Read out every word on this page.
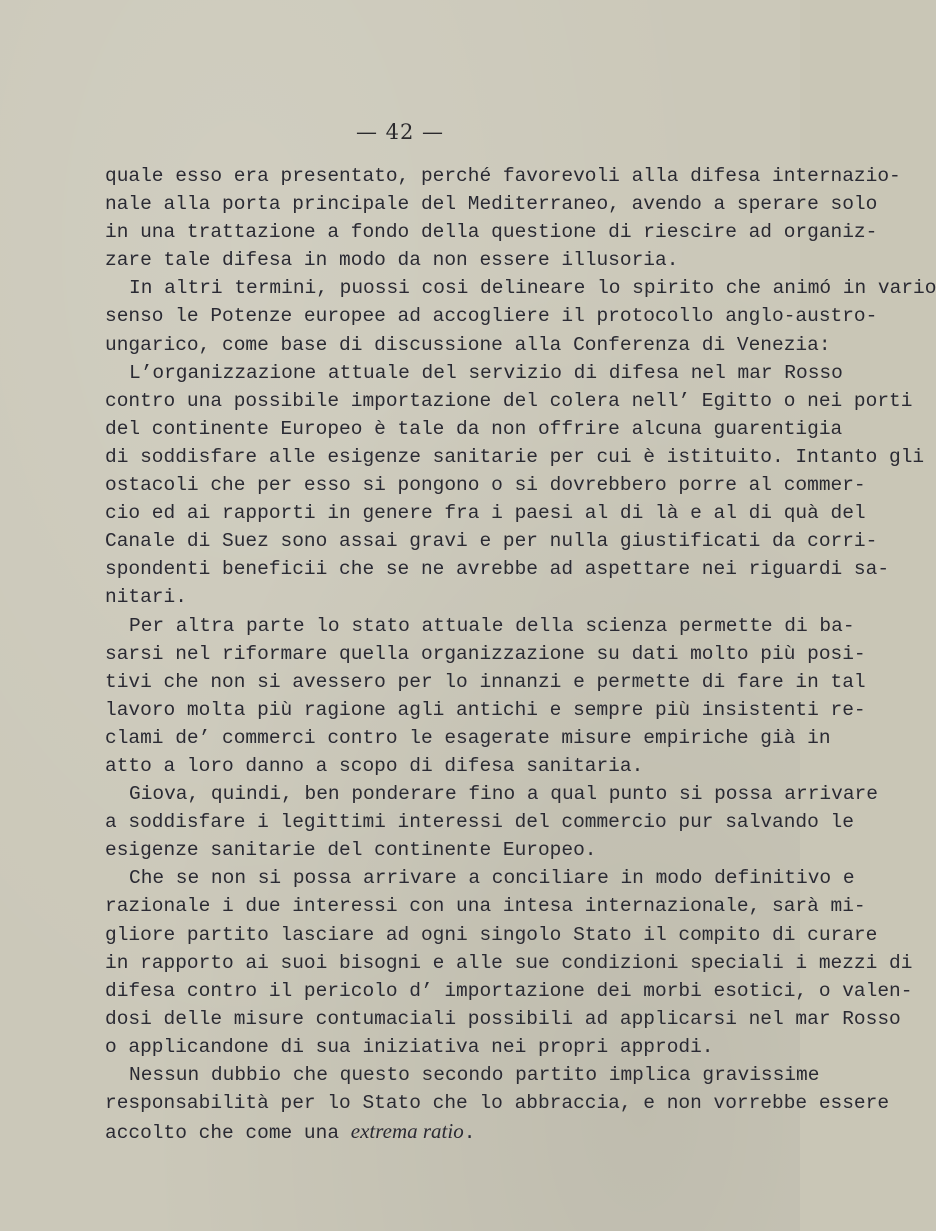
— 42 —

quale esso era presentato, perché favorevoli alla difesa internazio-
nale alla porta principale del Mediterraneo, avendo a sperare solo
in una trattazione a fondo della questione di riescire ad organiz-
zare tale difesa in modo da non essere illusoria.

In altri termini, puossi cosi delineare lo spirito che animó in vario
senso le Potenze europee ad accogliere il protocollo anglo-austro-
ungarico, come base di discussione alla Conferenza di Venezia:

L’organizzazione attuale del servizio di difesa nel mar Rosso
contro una possibile importazione del colera nell’ Egitto o nei porti
del continente Europeo è tale da non offrire alcuna guarentigia
di soddisfare alle esigenze sanitarie per cui è istituito. Intanto gli
ostacoli che per esso si pongono o si dovrebbero porre al commer-
cio ed ai rapporti in genere fra i paesi al di là e al di quà del
Canale di Suez sono assai gravi e per nulla giustificati da corri-
spondenti beneficii che se ne avrebbe ad aspettare nei riguardi sa-
nitari.

Per altra parte lo stato attuale della scienza permette di ba-
sarsi nel riformare quella organizzazione su dati molto più posi-
tivi che non si avessero per lo innanzi e permette di fare in tal
lavoro molta più ragione agli antichi e sempre più insistenti re-
clami de’ commerci contro le esagerate misure empiriche già in
atto a loro danno a scopo di difesa sanitaria.

Giova, quindi, ben ponderare fino a qual punto si possa arrivare
a soddisfare i legittimi interessi del commercio pur salvando le
esigenze sanitarie del continente Europeo.

Che se non si possa arrivare a conciliare in modo definitivo e
razionale i due interessi con una intesa internazionale, sarà mi-
gliore partito lasciare ad ogni singolo Stato il compito di curare
in rapporto ai suoi bisogni e alle sue condizioni speciali i mezzi di
difesa contro il pericolo d’ importazione dei morbi esotici, o valen-
dosi delle misure contumaciali possibili ad applicarsi nel mar Rosso
o applicandone di sua iniziativa nei propri approdi.

Nessun dubbio che questo secondo partito implica gravissime
responsabilità per lo Stato che lo abbraccia, e non vorrebbe essere
accolto che come una extrema ratio.
